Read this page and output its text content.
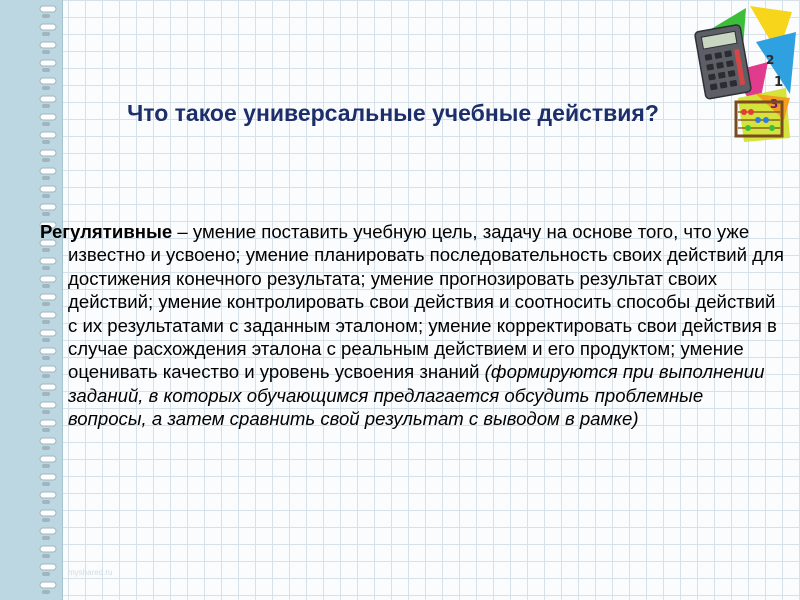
2
1
3
Что такое универсальные учебные действия?

Регулятивные – умение поставить учебную цель, задачу на основе того, что уже известно и усвоено; умение планировать последовательность своих действий для достижения конечного результата; умение прогнозировать результат своих действий; умение контролировать свои действия и соотносить способы действий с их результатами с заданным эталоном; умение корректировать свои действия в случае расхождения эталона с реальным действием и его продуктом; умение оценивать качество и уровень усвоения знаний (формируются при выполнении заданий, в которых обучающимся предлагается обсудить проблемные вопросы, а затем сравнить свой результат с выводом в рамке)

myshared.ru
